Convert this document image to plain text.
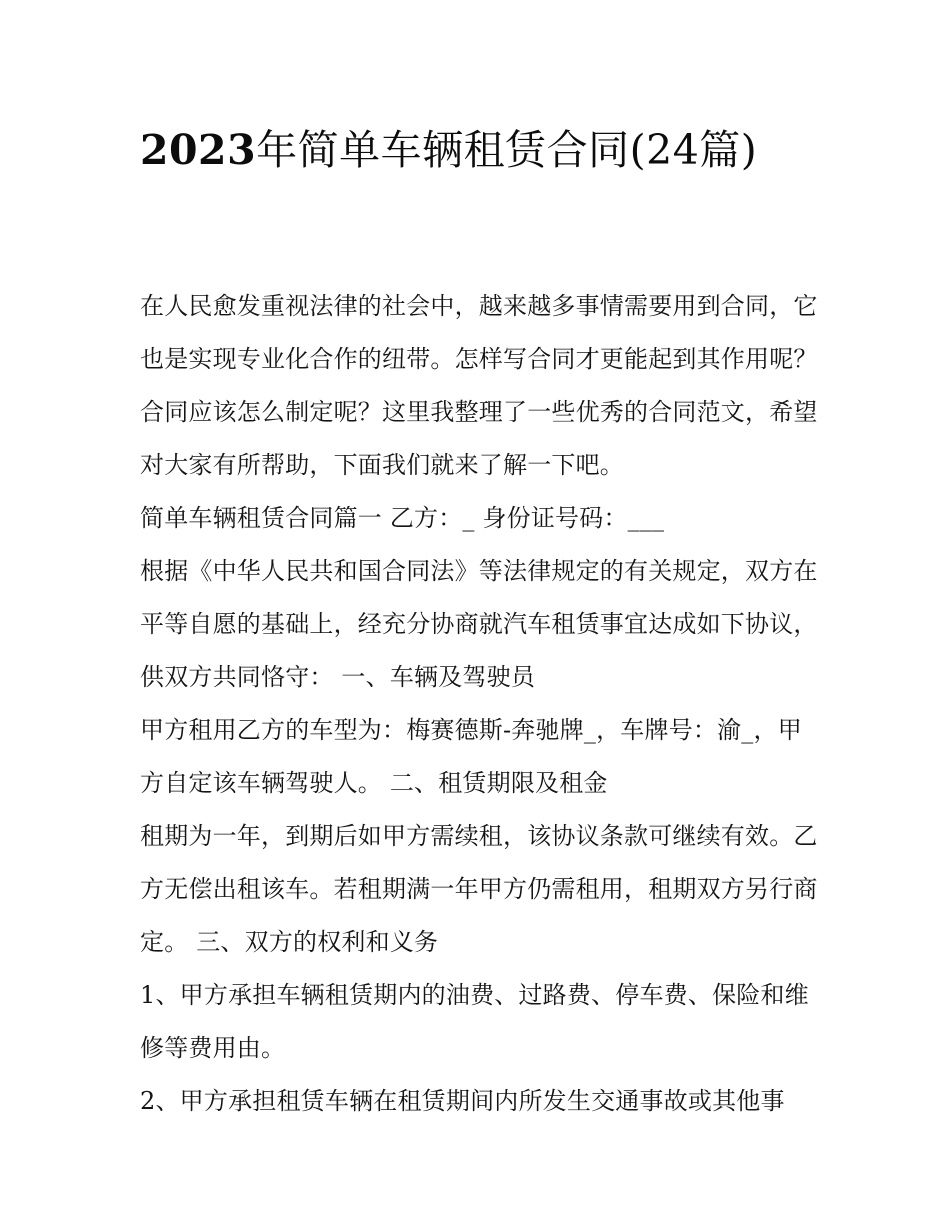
2023年简单车辆租赁合同(24篇)

在人民愈发重视法律的社会中，越来越多事情需要用到合同，它也是实现专业化合作的纽带。怎样写合同才更能起到其作用呢？合同应该怎么制定呢？这里我整理了一些优秀的合同范文，希望对大家有所帮助，下面我们就来了解一下吧。

简单车辆租赁合同篇一 乙方：_ 身份证号码：___

根据《中华人民共和国合同法》等法律规定的有关规定，双方在平等自愿的基础上，经充分协商就汽车租赁事宜达成如下协议，供双方共同恪守： 一、车辆及驾驶员

甲方租用乙方的车型为：梅赛德斯-奔驰牌_，车牌号：渝_，甲方自定该车辆驾驶人。 二、租赁期限及租金

租期为一年，到期后如甲方需续租，该协议条款可继续有效。乙方无偿出租该车。若租期满一年甲方仍需租用，租期双方另行商定。 三、双方的权利和义务

1、甲方承担车辆租赁期内的油费、过路费、停车费、保险和维修等费用由。

2、甲方承担租赁车辆在租赁期间内所发生交通事故或其他事
